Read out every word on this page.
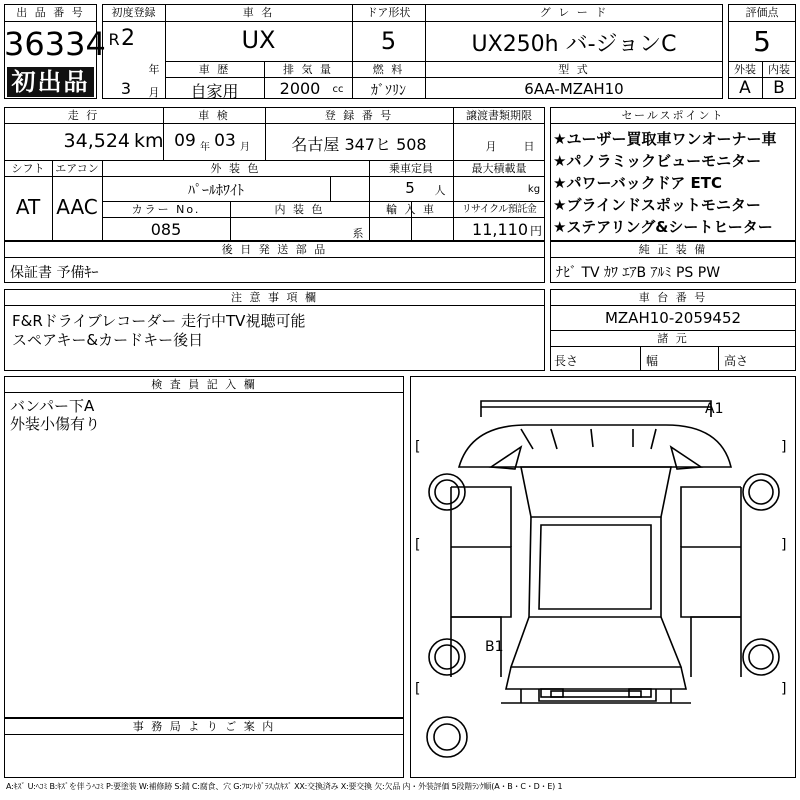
出 品 番 号
36334
初出品
初度登録
R 2
年
3	月
車 名
UX
ドア形状
5
グ レ ー ド
UX250h バ-ジョンC
車 歴
自家用
排 気 量
2000	cc
燃 料
ｶﾞｿﾘﾝ
型 式
6AA-MZAH10
評価点
5
外装	内装
A	B
走 行
34,524 km
車 検
09 年 03 月
登 録 番 号
名古屋 347ヒ 508
譲渡書類期限
月 日
シフト
AT
エアコン
AAC
外 装 色
ﾊﾟｰﾙﾎﾜｲﾄ
乗車定員
5	人
最大積載量
kg
カラー No.
085
内 装 色
系
輸 入 車	リサイクル預託金
11,110 円
後 日 発 送 部 品
保証書 予備ｷｰ
セールスポイント
★ユーザー買取車ワンオーナー車
★パノラミックビューモニター
★パワーバックドア ETC
★ブラインドスポットモニター
★ステアリング&シートヒーター
純 正 装 備
ﾅﾋﾞ TV ｶﾜ ｴｱB ｱﾙﾐ PS PW
注 意 事 項 欄
F&Rドライブレコーダー 走行中TV視聴可能
スペアキー&カードキー後日
車 台 番 号
MZAH10-2059452
諸 元
長さ	幅	高さ
検 査 員 記 入 欄
バンパー下A
外装小傷有り
事 務 局 よ り ご 案 内
A1
B1
[	]
[	]
[	]
A:ｷｽﾞ U:ﾍｺﾐ B:ｷｽﾞを伴うﾍｺﾐ P:要塗装 W:補修跡 S:錆 C:腐食、穴 G:ﾌﾛﾝﾄｶﾞﾗｽ点ｷｽﾞ XX:交換済み X:要交換 欠:欠品 内・外装評価 5段階ﾗﾝｸ順(A・B・C・D・E) 1
